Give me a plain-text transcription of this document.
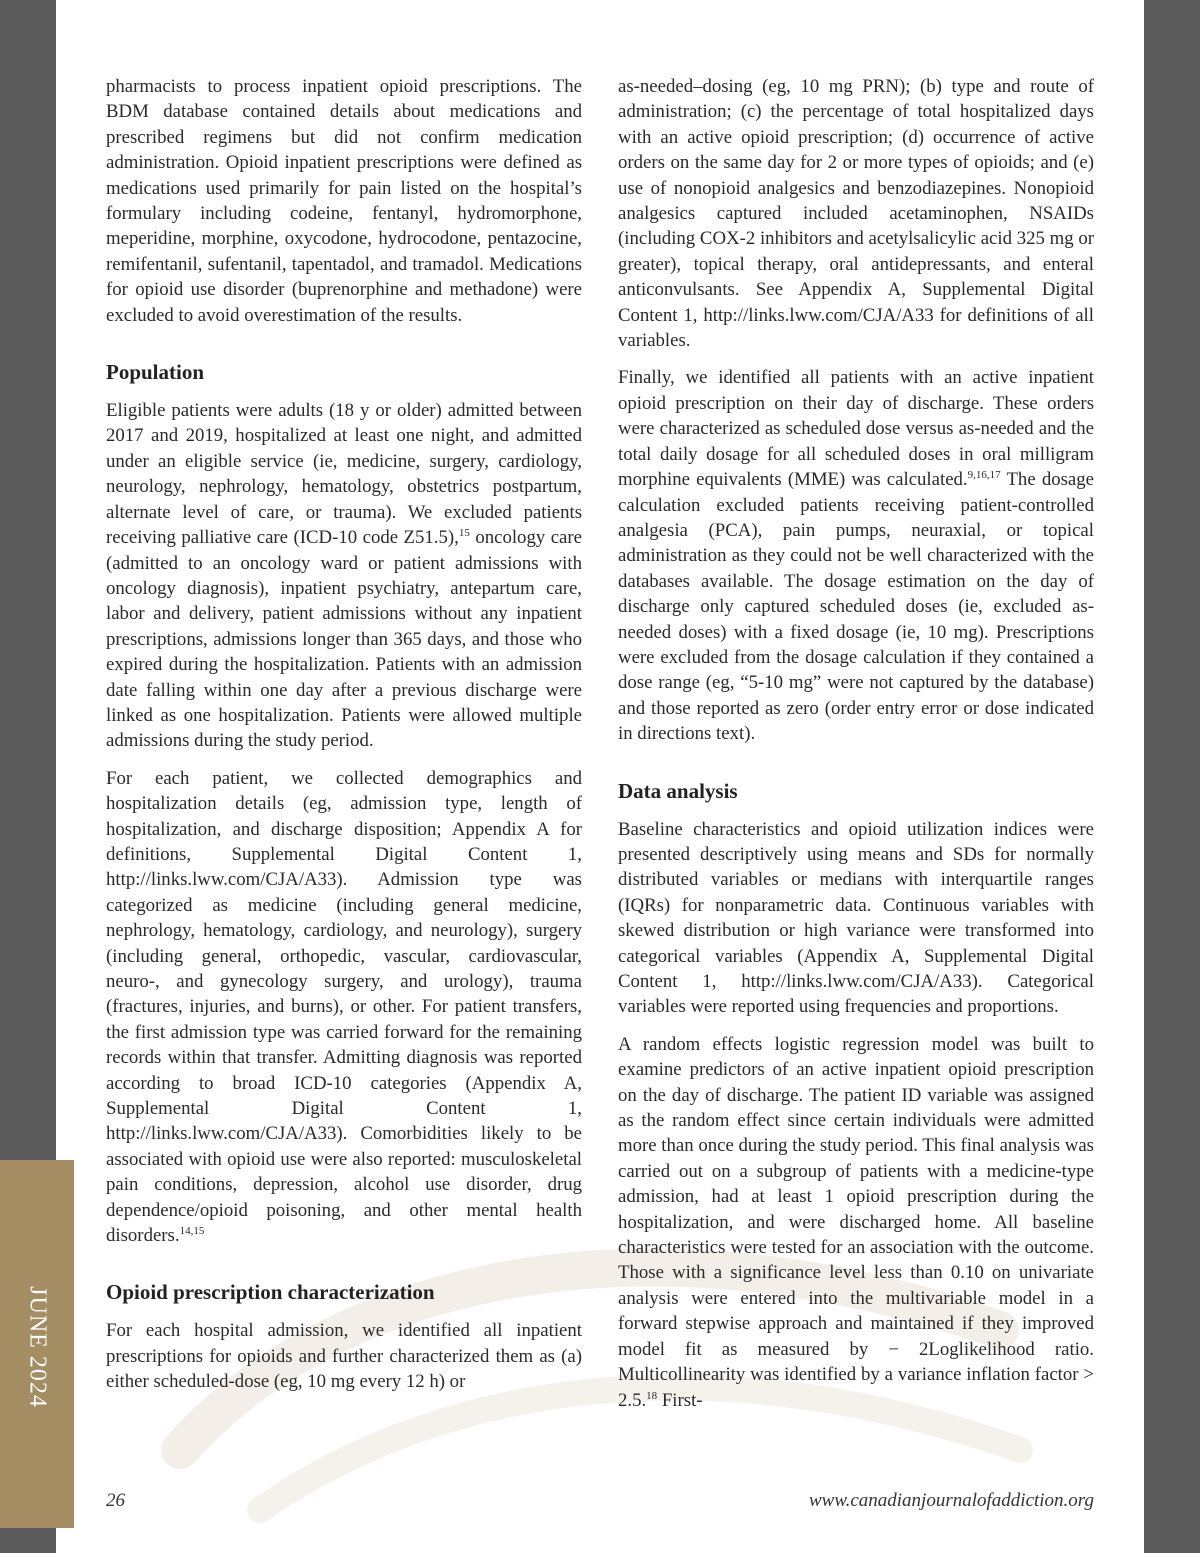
JUNE 2024

pharmacists to process inpatient opioid prescriptions. The BDM database contained details about medications and prescribed regimens but did not confirm medication administration. Opioid inpatient prescriptions were defined as medications used primarily for pain listed on the hospital’s formulary including codeine, fentanyl, hydromorphone, meperidine, morphine, oxycodone, hydrocodone, pentazocine, remifentanil, sufentanil, tapentadol, and tramadol. Medications for opioid use disorder (buprenorphine and methadone) were excluded to avoid overestimation of the results.

Population

Eligible patients were adults (18 y or older) admitted between 2017 and 2019, hospitalized at least one night, and admitted under an eligible service (ie, medicine, surgery, cardiology, neurology, nephrology, hematology, obstetrics postpartum, alternate level of care, or trauma). We excluded patients receiving palliative care (ICD-10 code Z51.5),$^{15}$ oncology care (admitted to an oncology ward or patient admissions with oncology diagnosis), inpatient psychiatry, antepartum care, labor and delivery, patient admissions without any inpatient prescriptions, admissions longer than 365 days, and those who expired during the hospitalization. Patients with an admission date falling within one day after a previous discharge were linked as one hospitalization. Patients were allowed multiple admissions during the study period.

For each patient, we collected demographics and hospitalization details (eg, admission type, length of hospitalization, and discharge disposition; Appendix A for definitions, Supplemental Digital Content 1, http://links.lww.com/CJA/A33). Admission type was categorized as medicine (including general medicine, nephrology, hematology, cardiology, and neurology), surgery (including general, orthopedic, vascular, cardiovascular, neuro-, and gynecology surgery, and urology), trauma (fractures, injuries, and burns), or other. For patient transfers, the first admission type was carried forward for the remaining records within that transfer. Admitting diagnosis was reported according to broad ICD-10 categories (Appendix A, Supplemental Digital Content 1, http://links.lww.com/CJA/A33). Comorbidities likely to be associated with opioid use were also reported: musculoskeletal pain conditions, depression, alcohol use disorder, drug dependence/opioid poisoning, and other mental health disorders.$^{14,15}$

Opioid prescription characterization

For each hospital admission, we identified all inpatient prescriptions for opioids and further characterized them as (a) either scheduled-dose (eg, 10 mg every 12 h) or

as-needed–dosing (eg, 10 mg PRN); (b) type and route of administration; (c) the percentage of total hospitalized days with an active opioid prescription; (d) occurrence of active orders on the same day for 2 or more types of opioids; and (e) use of nonopioid analgesics and benzodiazepines. Nonopioid analgesics captured included acetaminophen, NSAIDs (including COX-2 inhibitors and acetylsalicylic acid 325 mg or greater), topical therapy, oral antidepressants, and enteral anticonvulsants. See Appendix A, Supplemental Digital Content 1, http://links.lww.com/CJA/A33 for definitions of all variables.

Finally, we identified all patients with an active inpatient opioid prescription on their day of discharge. These orders were characterized as scheduled dose versus as-needed and the total daily dosage for all scheduled doses in oral milligram morphine equivalents (MME) was calculated.$^{9,16,17}$ The dosage calculation excluded patients receiving patient-controlled analgesia (PCA), pain pumps, neuraxial, or topical administration as they could not be well characterized with the databases available. The dosage estimation on the day of discharge only captured scheduled doses (ie, excluded as-needed doses) with a fixed dosage (ie, 10 mg). Prescriptions were excluded from the dosage calculation if they contained a dose range (eg, “5-10 mg” were not captured by the database) and those reported as zero (order entry error or dose indicated in directions text).

Data analysis

Baseline characteristics and opioid utilization indices were presented descriptively using means and SDs for normally distributed variables or medians with interquartile ranges (IQRs) for nonparametric data. Continuous variables with skewed distribution or high variance were transformed into categorical variables (Appendix A, Supplemental Digital Content 1, http://links.lww.com/CJA/A33). Categorical variables were reported using frequencies and proportions.

A random effects logistic regression model was built to examine predictors of an active inpatient opioid prescription on the day of discharge. The patient ID variable was assigned as the random effect since certain individuals were admitted more than once during the study period. This final analysis was carried out on a subgroup of patients with a medicine-type admission, had at least 1 opioid prescription during the hospitalization, and were discharged home. All baseline characteristics were tested for an association with the outcome. Those with a significance level less than 0.10 on univariate analysis were entered into the multivariable model in a forward stepwise approach and maintained if they improved model fit as measured by − 2Loglikelihood ratio. Multicollinearity was identified by a variance inflation factor > 2.5.18 First-

26	www.canadianjournalofaddiction.org
